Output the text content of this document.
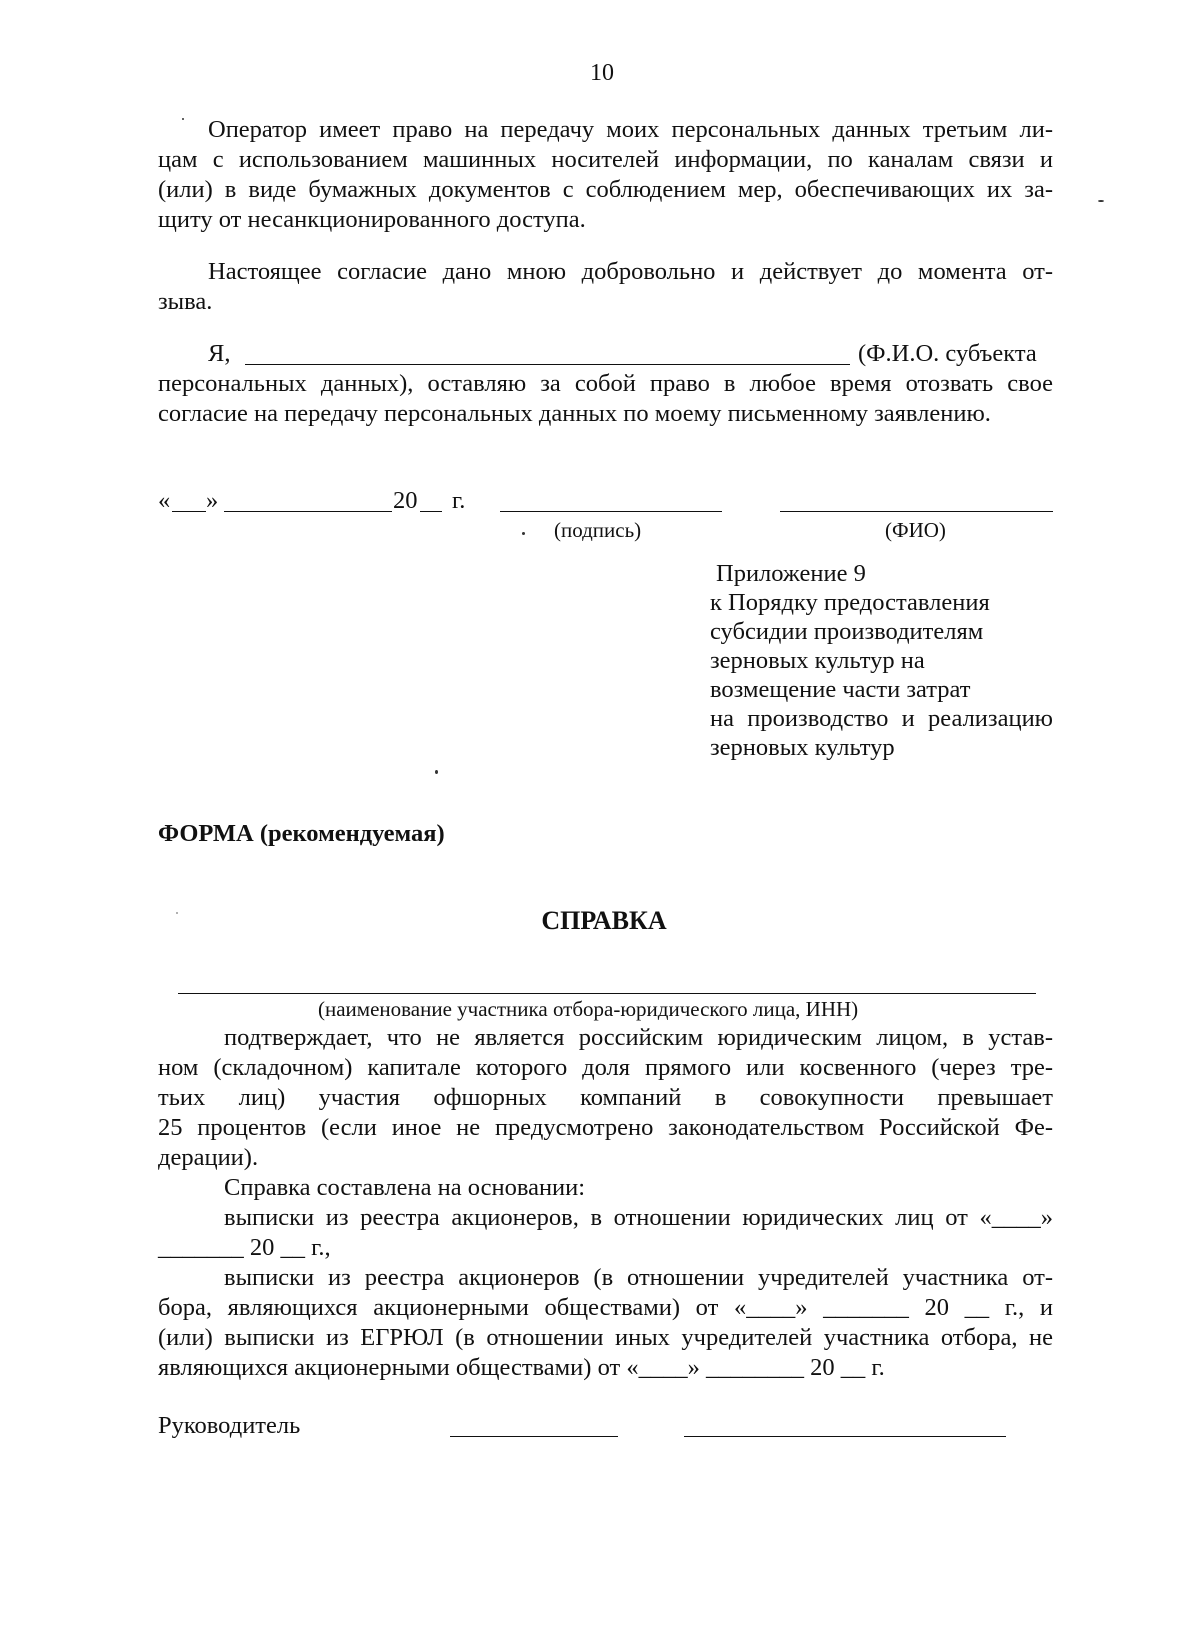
10
Оператор имеет право на передачу моих персональных данных третьим ли-
цам с использованием машинных носителей информации, по каналам связи и
(или) в виде бумажных документов с соблюдением мер, обеспечивающих их за-
щиту от несанкционированного доступа.
Настоящее согласие дано мною добровольно и действует до момента от-
зыва.
Я,	(Ф.И.О. субъекта
персональных данных), оставляю за собой право в любое время отозвать свое
согласие на передачу персональных данных по моему письменному заявлению.
« »	20 г.
(подпись)	(ФИО)
Приложение 9
к Порядку предоставления
субсидии производителям
зерновых культур на
возмещение части затрат
на производство и реализацию
зерновых культур
ФОРМА (рекомендуемая)
СПРАВКА
(наименование участника отбора-юридического лица, ИНН)
подтверждает, что не является российским юридическим лицом, в устав-
ном (складочном) капитале которого доля прямого или косвенного (через тре-
тьих лиц) участия офшорных компаний в совокупности превышает
25 процентов (если иное не предусмотрено законодательством Российской Фе-
дерации).
Справка составлена на основании:
выписки из реестра акционеров, в отношении юридических лиц от «____»
_______ 20 __ г.,
выписки из реестра акционеров (в отношении учредителей участника от-
бора, являющихся акционерными обществами) от «____» _______ 20 __ г., и
(или) выписки из ЕГРЮЛ (в отношении иных учредителей участника отбора, не
являющихся акционерными обществами) от «____» ________ 20 __ г.
Руководитель
